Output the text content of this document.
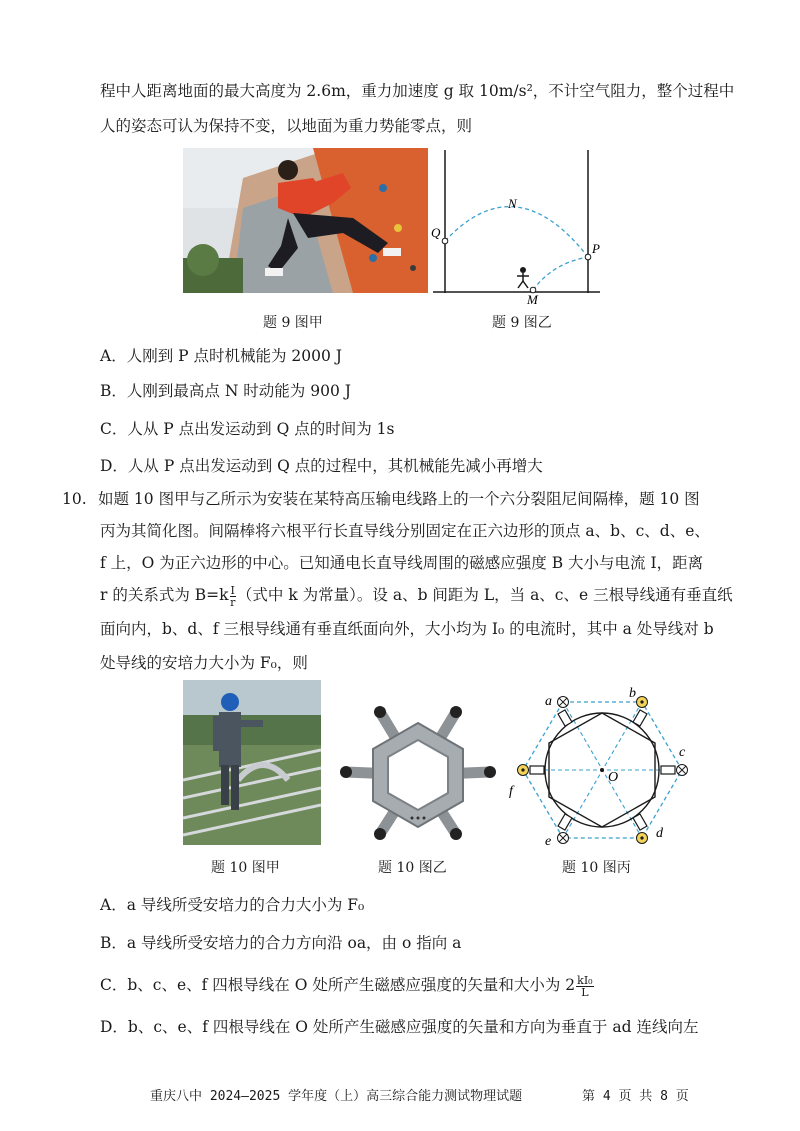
程中人距离地面的最大高度为 2.6m，重力加速度 g 取 10m/s²，不计空气阻力，整个过程中
人的姿态可认为保持不变，以地面为重力势能零点，则
题 9 图甲
N
Q
P
M
题 9 图乙
A．人刚到 P 点时机械能为 2000 J
B．人刚到最高点 N 时动能为 900 J
C．人从 P 点出发运动到 Q 点的时间为 1s
D．人从 P 点出发运动到 Q 点的过程中，其机械能先减小再增大
10. 如题 10 图甲与乙所示为安装在某特高压输电线路上的一个六分裂阻尼间隔棒，题 10 图
丙为其简化图。间隔棒将六根平行长直导线分别固定在正六边形的顶点 a、b、c、d、e、
f 上，O 为正六边形的中心。已知通电长直导线周围的磁感应强度 B 大小与电流 I，距离
r 的关系式为 $B=k \frac{I}{r}$ （式中 k 为常量）。设 a、b 间距为 L，当 a、c、e 三根导线通有垂直纸
面向内，b、d、f 三根导线通有垂直纸面向外，大小均为 I₀ 的电流时，其中 a 处导线对 b
处导线的安培力大小为 F₀，则
题 10 图甲	题 10 图乙
a
b
c
d
e
f
O
题 10 图丙
A．a 导线所受安培力的合力大小为 F₀
B．a 导线所受安培力的合力方向沿 oa，由 o 指向 a
C．b、c、e、f 四根导线在 O 处所产生磁感应强度的矢量和大小为 $2 \frac{\text{kI₀}}{L}$
D．b、c、e、f 四根导线在 O 处所产生磁感应强度的矢量和方向为垂直于 ad 连线向左
重庆八中 2024—2025 学年度（上）高三综合能力测试物理试题	第 4 页 共 8 页
